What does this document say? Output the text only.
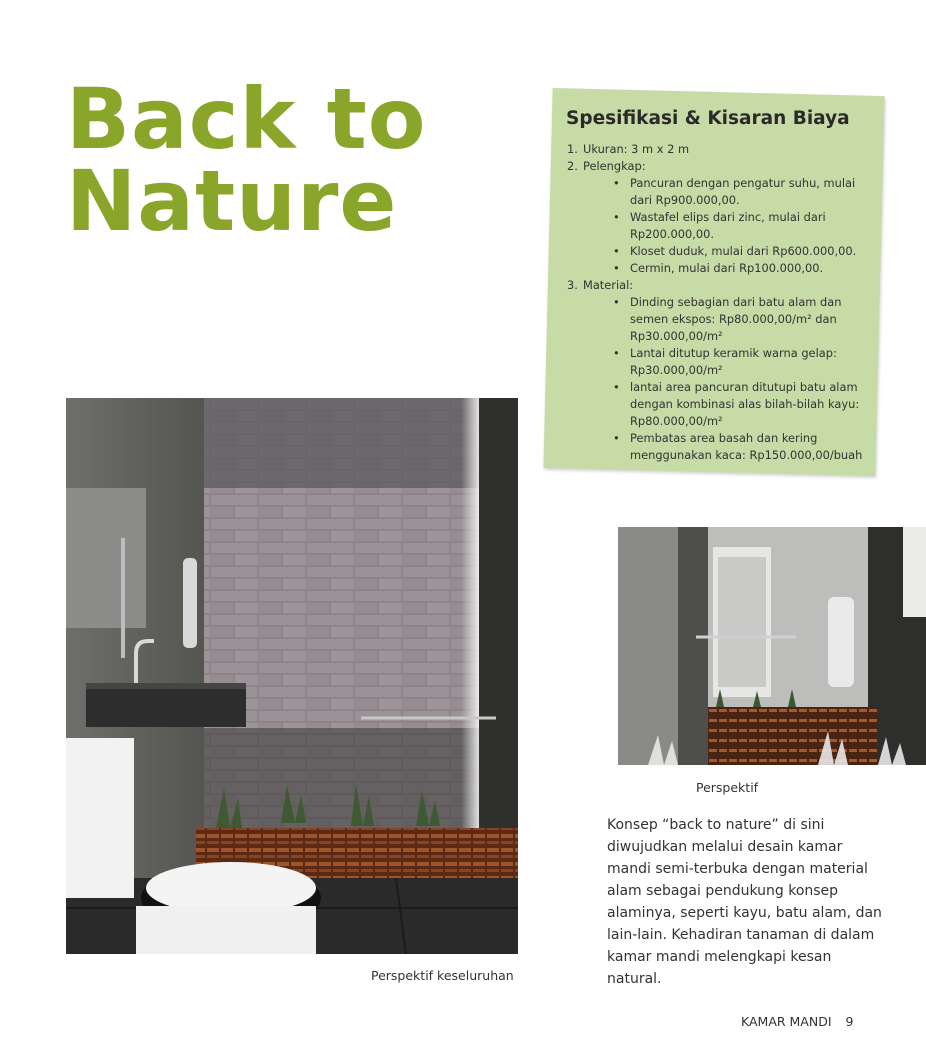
Back to
Nature
Spesifikasi & Kisaran Biaya
1. Ukuran: 3 m x 2 m
2. Pelengkap:
• Pancuran dengan pengatur suhu, mulai dari Rp900.000,00.
• Wastafel elips dari zinc, mulai dari Rp200.000,00.
• Kloset duduk, mulai dari Rp600.000,00.
• Cermin, mulai dari Rp100.000,00.
3. Material:
• Dinding sebagian dari batu alam dan semen ekspos: Rp80.000,00/m² dan Rp30.000,00/m²
• Lantai ditutup keramik warna gelap: Rp30.000,00/m²
• lantai area pancuran ditutupi batu alam dengan kombinasi alas bilah-bilah kayu: Rp80.000,00/m²
• Pembatas area basah dan kering menggunakan kaca: Rp150.000,00/buah

Perspektif keseluruhan

Perspektif

Konsep “back to nature” di sini diwujudkan melalui desain kamar mandi semi-terbuka dengan material alam sebagai pendukung konsep alaminya, seperti kayu, batu alam, dan lain-lain. Kehadiran tanaman di dalam kamar mandi melengkapi kesan natural.

KAMAR MANDI 9
